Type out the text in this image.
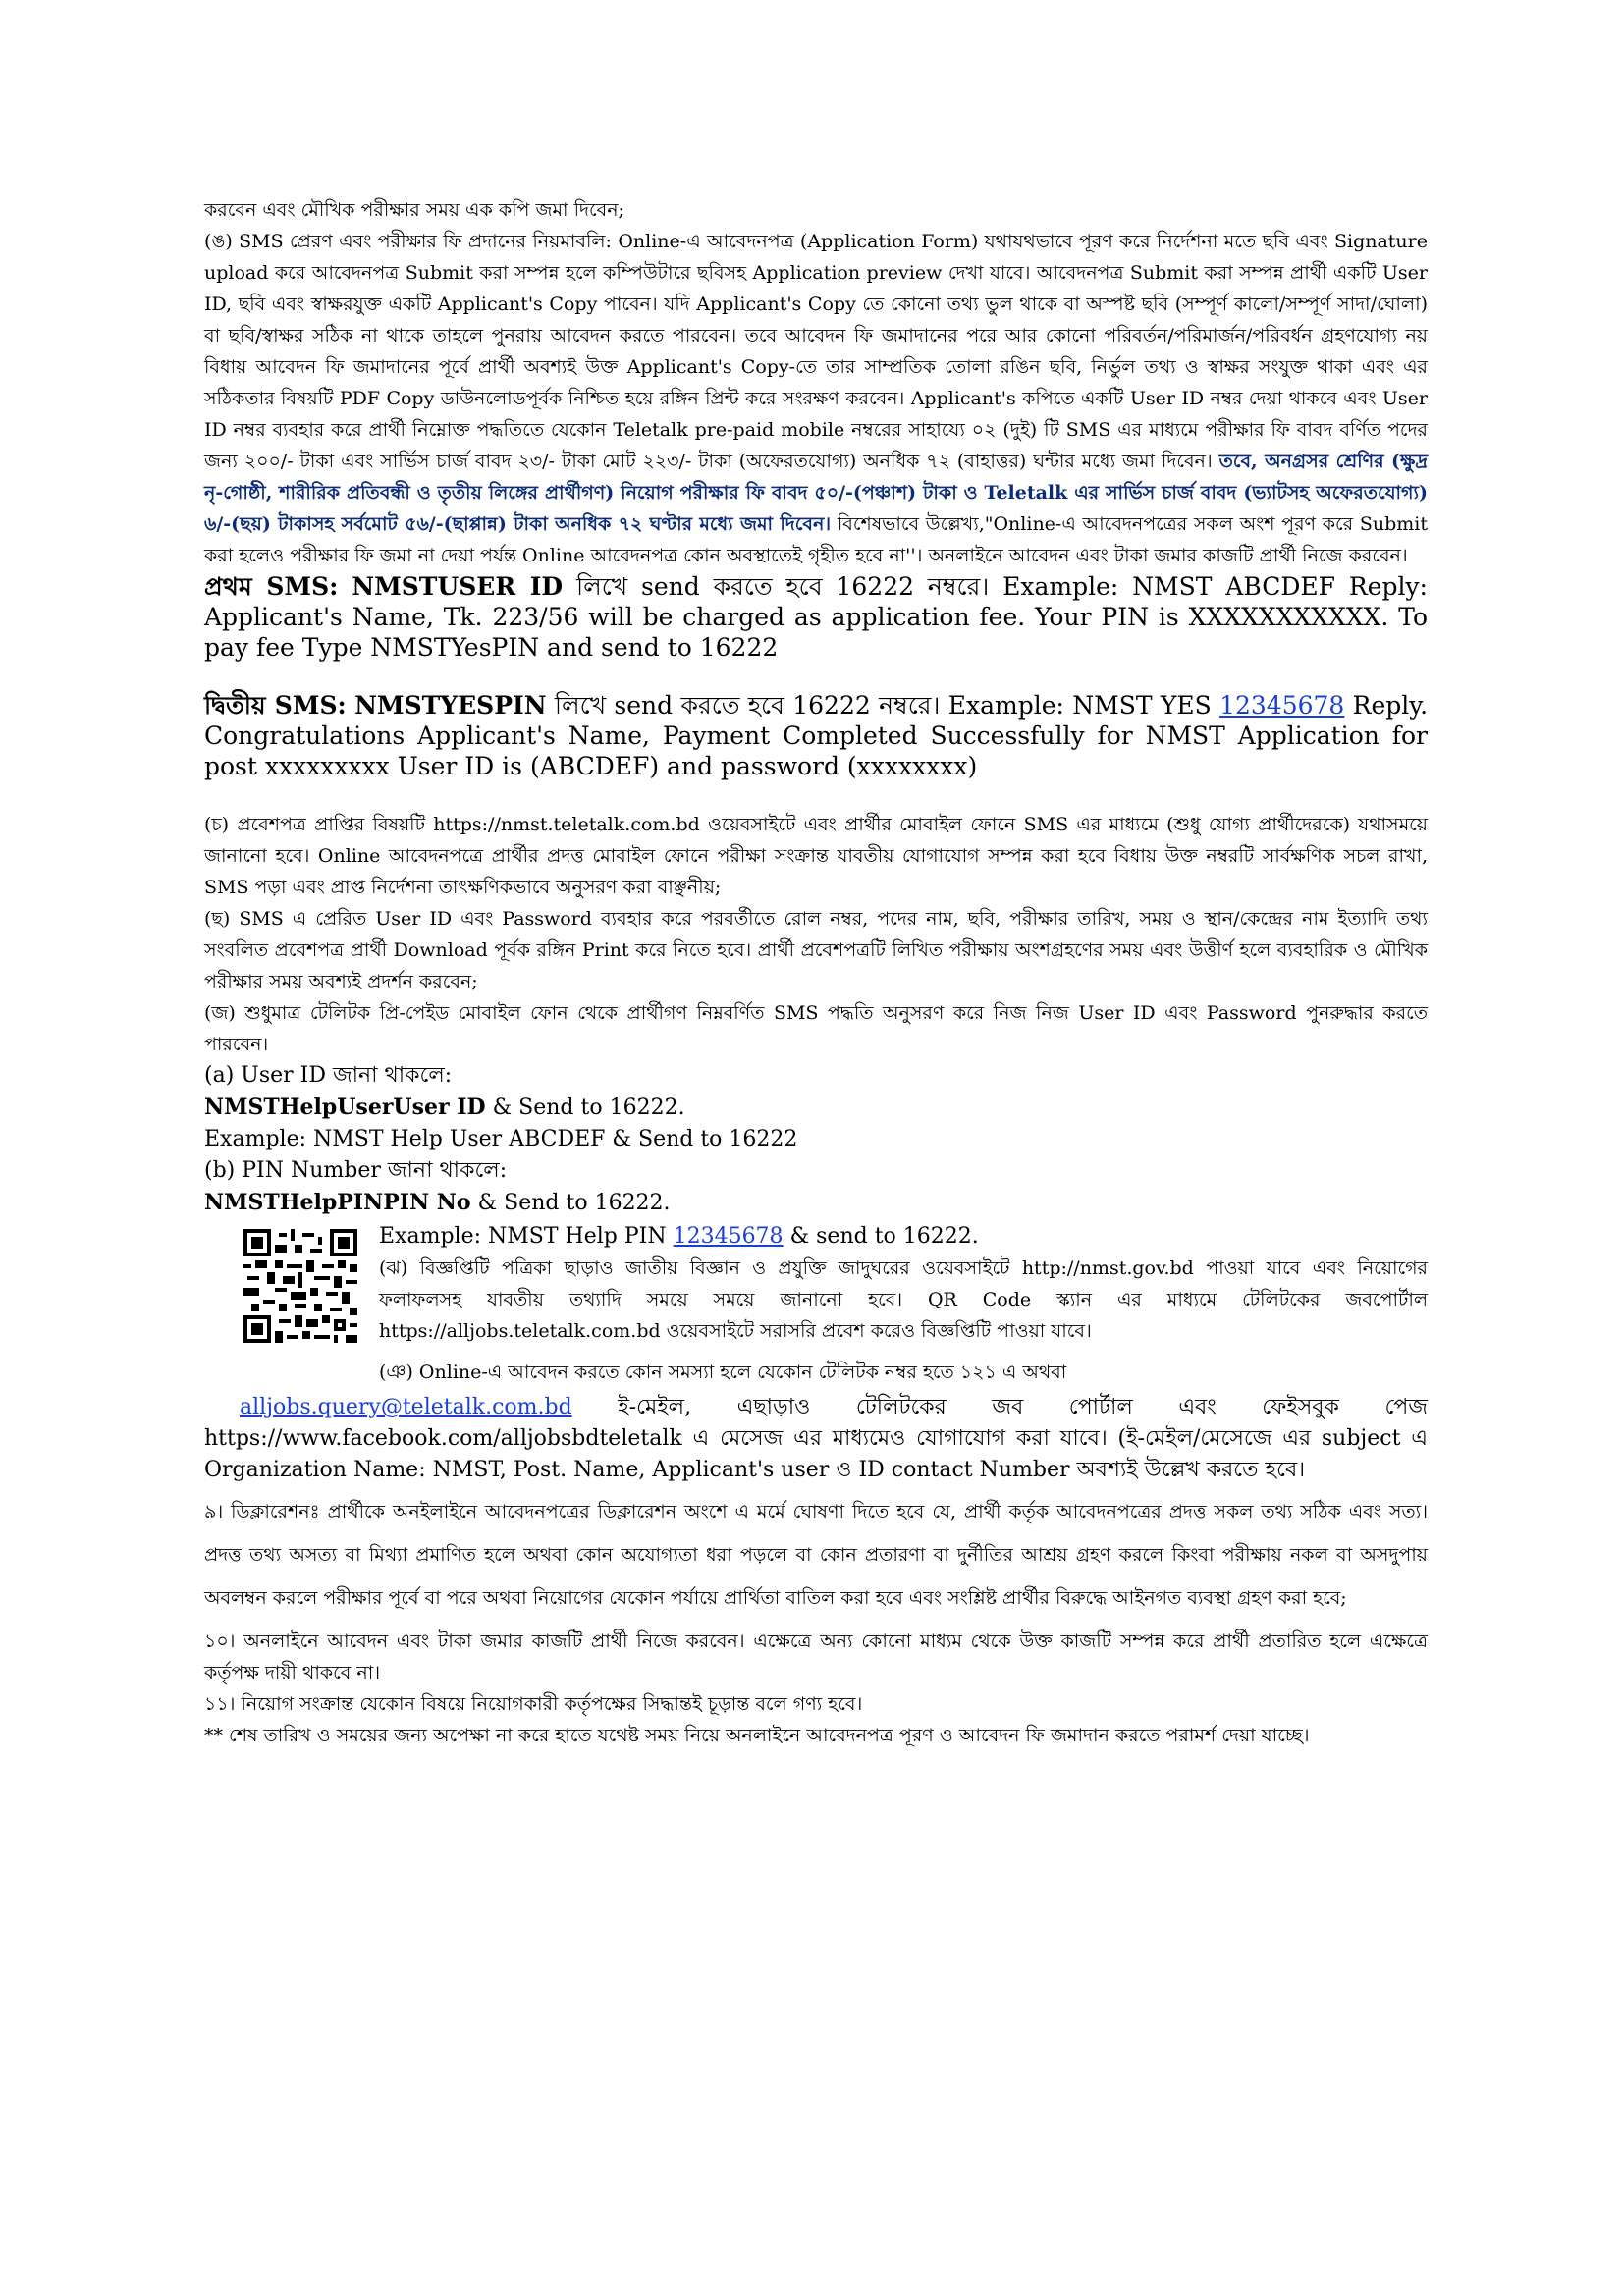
করবেন এবং মৌখিক পরীক্ষার সময় এক কপি জমা দিবেন;

(ঙ) SMS প্রেরণ এবং পরীক্ষার ফি প্রদানের নিয়মাবলি: Online-এ আবেদনপত্র (Application Form) যথাযথভাবে পূরণ করে নির্দেশনা মতে ছবি এবং Signature upload করে আবেদনপত্র Submit করা সম্পন্ন হলে কম্পিউটারে ছবিসহ Application preview দেখা যাবে। আবেদনপত্র Submit করা সম্পন্ন প্রার্থী একটি User ID, ছবি এবং স্বাক্ষরযুক্ত একটি Applicant's Copy পাবেন। যদি Applicant's Copy তে কোনো তথ্য ভুল থাকে বা অস্পষ্ট ছবি (সম্পূর্ণ কালো/সম্পূর্ণ সাদা/ঘোলা) বা ছবি/স্বাক্ষর সঠিক না থাকে তাহলে পুনরায় আবেদন করতে পারবেন। তবে আবেদন ফি জমাদানের পরে আর কোনো পরিবর্তন/পরিমার্জন/পরিবর্ধন গ্রহণযোগ্য নয় বিধায় আবেদন ফি জমাদানের পূর্বে প্রার্থী অবশ্যই উক্ত Applicant's Copy-তে তার সাম্প্রতিক তোলা রঙিন ছবি, নির্ভুল তথ্য ও স্বাক্ষর সংযুক্ত থাকা এবং এর সঠিকতার বিষয়টি PDF Copy ডাউনলোডপূর্বক নিশ্চিত হয়ে রঙ্গিন প্রিন্ট করে সংরক্ষণ করবেন। Applicant's কপিতে একটি User ID নম্বর দেয়া থাকবে এবং User ID নম্বর ব্যবহার করে প্রার্থী নিম্নোক্ত পদ্ধতিতে যেকোন Teletalk pre-paid mobile নম্বরের সাহায্যে ০২ (দুই) টি SMS এর মাধ্যমে পরীক্ষার ফি বাবদ বর্ণিত পদের জন্য ২০০/- টাকা এবং সার্ভিস চার্জ বাবদ ২৩/- টাকা মোট ২২৩/- টাকা (অফেরতযোগ্য) অনধিক ৭২ (বাহাত্তর) ঘন্টার মধ্যে জমা দিবেন। তবে, অনগ্রসর শ্রেণির (ক্ষুদ্র নৃ-গোষ্ঠী, শারীরিক প্রতিবন্ধী ও তৃতীয় লিঙ্গের প্রার্থীগণ) নিয়োগ পরীক্ষার ফি বাবদ ৫০/-(পঞ্চাশ) টাকা ও Teletalk এর সার্ভিস চার্জ বাবদ (ভ্যাটসহ অফেরতযোগ্য) ৬/-(ছয়) টাকাসহ সর্বমোট ৫৬/-(ছাপ্পান্ন) টাকা অনধিক ৭২ ঘণ্টার মধ্যে জমা দিবেন। বিশেষভাবে উল্লেখ্য,"Online-এ আবেদনপত্রের সকল অংশ পূরণ করে Submit করা হলেও পরীক্ষার ফি জমা না দেয়া পর্যন্ত Online আবেদনপত্র কোন অবস্থাতেই গৃহীত হবে না''। অনলাইনে আবেদন এবং টাকা জমার কাজটি প্রার্থী নিজে করবেন।

প্রথম SMS: NMSTUSER ID লিখে send করতে হবে 16222 নম্বরে। Example: NMST ABCDEF Reply: Applicant's Name, Tk. 223/56 will be charged as application fee. Your PIN is XXXXXXXXXXX. To pay fee Type NMSTYesPIN and send to 16222

দ্বিতীয় SMS: NMSTYESPIN লিখে send করতে হবে 16222 নম্বরে। Example: NMST YES 12345678 Reply. Congratulations Applicant's Name, Payment Completed Successfully for NMST Application for post xxxxxxxxx User ID is (ABCDEF) and password (xxxxxxxx)

(চ) প্রবেশপত্র প্রাপ্তির বিষয়টি https://nmst.teletalk.com.bd ওয়েবসাইটে এবং প্রার্থীর মোবাইল ফোনে SMS এর মাধ্যমে (শুধু যোগ্য প্রার্থীদেরকে) যথাসময়ে জানানো হবে। Online আবেদনপত্রে প্রার্থীর প্রদত্ত মোবাইল ফোনে পরীক্ষা সংক্রান্ত যাবতীয় যোগাযোগ সম্পন্ন করা হবে বিধায় উক্ত নম্বরটি সার্বক্ষণিক সচল রাখা, SMS পড়া এবং প্রাপ্ত নির্দেশনা তাৎক্ষণিকভাবে অনুসরণ করা বাঞ্ছনীয়;

(ছ) SMS এ প্রেরিত User ID এবং Password ব্যবহার করে পরবর্তীতে রোল নম্বর, পদের নাম, ছবি, পরীক্ষার তারিখ, সময় ও স্থান/কেন্দ্রের নাম ইত্যাদি তথ্য সংবলিত প্রবেশপত্র প্রার্থী Download পূর্বক রঙ্গিন Print করে নিতে হবে। প্রার্থী প্রবেশপত্রটি লিখিত পরীক্ষায় অংশগ্রহণের সময় এবং উত্তীর্ণ হলে ব্যবহারিক ও মৌখিক পরীক্ষার সময় অবশ্যই প্রদর্শন করবেন;

(জ) শুধুমাত্র টেলিটক প্রি-পেইড মোবাইল ফোন থেকে প্রার্থীগণ নিম্নবর্ণিত SMS পদ্ধতি অনুসরণ করে নিজ নিজ User ID এবং Password পুনরুদ্ধার করতে পারবেন।

(a) User ID জানা থাকলে:

NMSTHelpUserUser ID & Send to 16222.

Example: NMST Help User ABCDEF & Send to 16222

(b) PIN Number জানা থাকলে:

NMSTHelpPINPIN No & Send to 16222.

Example: NMST Help PIN 12345678 & send to 16222.

(ঝ) বিজ্ঞপ্তিটি পত্রিকা ছাড়াও জাতীয় বিজ্ঞান ও প্রযুক্তি জাদুঘরের ওয়েবসাইটে http://nmst.gov.bd পাওয়া যাবে এবং নিয়োগের ফলাফলসহ যাবতীয় তথ্যাদি সময়ে সময়ে জানানো হবে। QR Code স্ক্যান এর মাধ্যমে টেলিটকের জবপোর্টাল https://alljobs.teletalk.com.bd ওয়েবসাইটে সরাসরি প্রবেশ করেও বিজ্ঞপ্তিটি পাওয়া যাবে।

(ঞ) Online-এ আবেদন করতে কোন সমস্যা হলে যেকোন টেলিটক নম্বর হতে ১২১ এ অথবা

alljobs.query@teletalk.com.bd ই-মেইল, এছাড়াও টেলিটকের জব পোর্টাল এবং ফেইসবুক পেজ https://www.facebook.com/alljobsbdteletalk এ মেসেজ এর মাধ্যমেও যোগাযোগ করা যাবে। (ই-মেইল/মেসেজে এর subject এ Organization Name: NMST, Post. Name, Applicant's user ও ID contact Number অবশ্যই উল্লেখ করতে হবে।

৯। ডিক্লারেশনঃ প্রার্থীকে অনইলাইনে আবেদনপত্রের ডিক্লারেশন অংশে এ মর্মে ঘোষণা দিতে হবে যে, প্রার্থী কর্তৃক আবেদনপত্রের প্রদত্ত সকল তথ্য সঠিক এবং সত্য। প্রদত্ত তথ্য অসত্য বা মিথ্যা প্রমাণিত হলে অথবা কোন অযোগ্যতা ধরা পড়লে বা কোন প্রতারণা বা দুর্নীতির আশ্রয় গ্রহণ করলে কিংবা পরীক্ষায় নকল বা অসদুপায় অবলম্বন করলে পরীক্ষার পূর্বে বা পরে অথবা নিয়োগের যেকোন পর্যায়ে প্রার্থিতা বাতিল করা হবে এবং সংশ্লিষ্ট প্রার্থীর বিরুদ্ধে আইনগত ব্যবস্থা গ্রহণ করা হবে;

১০। অনলাইনে আবেদন এবং টাকা জমার কাজটি প্রার্থী নিজে করবেন। এক্ষেত্রে অন্য কোনো মাধ্যম থেকে উক্ত কাজটি সম্পন্ন করে প্রার্থী প্রতারিত হলে এক্ষেত্রে কর্তৃপক্ষ দায়ী থাকবে না।

১১। নিয়োগ সংক্রান্ত যেকোন বিষয়ে নিয়োগকারী কর্তৃপক্ষের সিদ্ধান্তই চূড়ান্ত বলে গণ্য হবে।

** শেষ তারিখ ও সময়ের জন্য অপেক্ষা না করে হাতে যথেষ্ট সময় নিয়ে অনলাইনে আবেদনপত্র পূরণ ও আবেদন ফি জমাদান করতে পরামর্শ দেয়া যাচ্ছে।
